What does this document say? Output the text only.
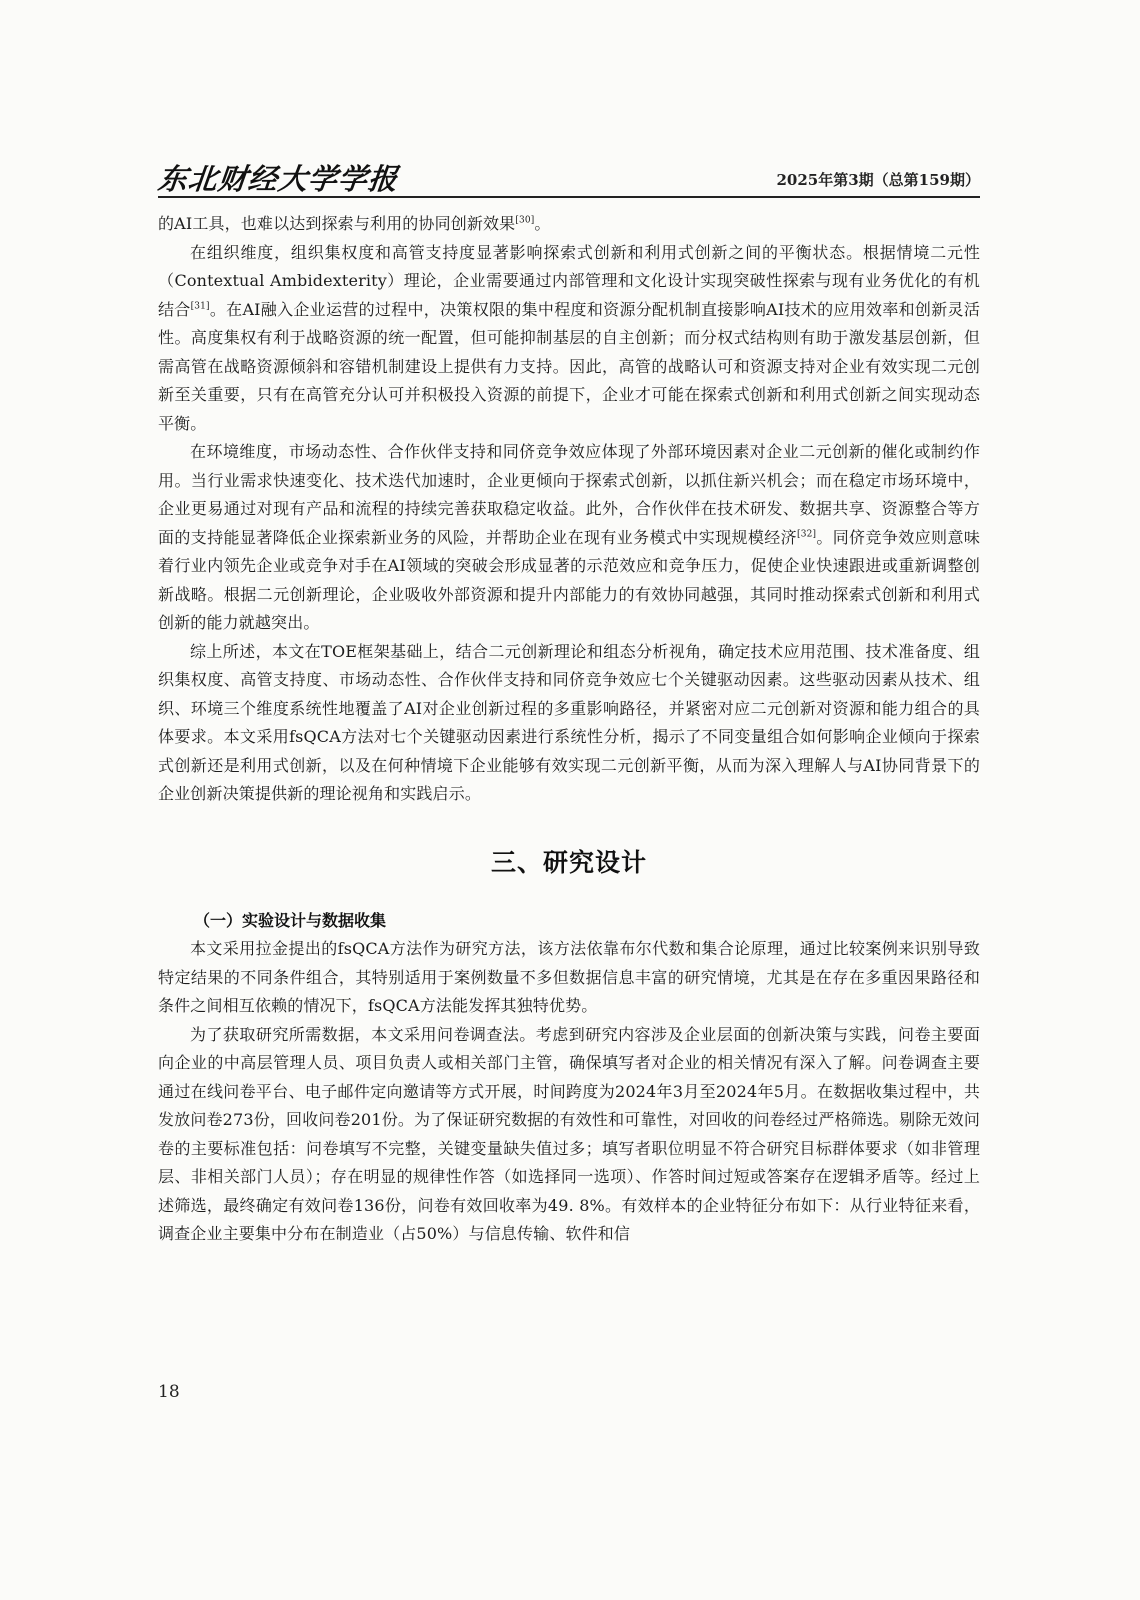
东北财经大学学报	2025年第3期（总第159期）

的AI工具，也难以达到探索与利用的协同创新效果[30]。

在组织维度，组织集权度和高管支持度显著影响探索式创新和利用式创新之间的平衡状态。根据情境二元性（Contextual Ambidexterity）理论，企业需要通过内部管理和文化设计实现突破性探索与现有业务优化的有机结合[31]。在AI融入企业运营的过程中，决策权限的集中程度和资源分配机制直接影响AI技术的应用效率和创新灵活性。高度集权有利于战略资源的统一配置，但可能抑制基层的自主创新；而分权式结构则有助于激发基层创新，但需高管在战略资源倾斜和容错机制建设上提供有力支持。因此，高管的战略认可和资源支持对企业有效实现二元创新至关重要，只有在高管充分认可并积极投入资源的前提下，企业才可能在探索式创新和利用式创新之间实现动态平衡。

在环境维度，市场动态性、合作伙伴支持和同侪竞争效应体现了外部环境因素对企业二元创新的催化或制约作用。当行业需求快速变化、技术迭代加速时，企业更倾向于探索式创新，以抓住新兴机会；而在稳定市场环境中，企业更易通过对现有产品和流程的持续完善获取稳定收益。此外，合作伙伴在技术研发、数据共享、资源整合等方面的支持能显著降低企业探索新业务的风险，并帮助企业在现有业务模式中实现规模经济[32]。同侪竞争效应则意味着行业内领先企业或竞争对手在AI领域的突破会形成显著的示范效应和竞争压力，促使企业快速跟进或重新调整创新战略。根据二元创新理论，企业吸收外部资源和提升内部能力的有效协同越强，其同时推动探索式创新和利用式创新的能力就越突出。

综上所述，本文在TOE框架基础上，结合二元创新理论和组态分析视角，确定技术应用范围、技术准备度、组织集权度、高管支持度、市场动态性、合作伙伴支持和同侪竞争效应七个关键驱动因素。这些驱动因素从技术、组织、环境三个维度系统性地覆盖了AI对企业创新过程的多重影响路径，并紧密对应二元创新对资源和能力组合的具体要求。本文采用fsQCA方法对七个关键驱动因素进行系统性分析，揭示了不同变量组合如何影响企业倾向于探索式创新还是利用式创新，以及在何种情境下企业能够有效实现二元创新平衡，从而为深入理解人与AI协同背景下的企业创新决策提供新的理论视角和实践启示。

三、研究设计
（一）实验设计与数据收集

本文采用拉金提出的fsQCA方法作为研究方法，该方法依靠布尔代数和集合论原理，通过比较案例来识别导致特定结果的不同条件组合，其特别适用于案例数量不多但数据信息丰富的研究情境，尤其是在存在多重因果路径和条件之间相互依赖的情况下，fsQCA方法能发挥其独特优势。

为了获取研究所需数据，本文采用问卷调查法。考虑到研究内容涉及企业层面的创新决策与实践，问卷主要面向企业的中高层管理人员、项目负责人或相关部门主管，确保填写者对企业的相关情况有深入了解。问卷调查主要通过在线问卷平台、电子邮件定向邀请等方式开展，时间跨度为2024年3月至2024年5月。在数据收集过程中，共发放问卷273份，回收问卷201份。为了保证研究数据的有效性和可靠性，对回收的问卷经过严格筛选。剔除无效问卷的主要标准包括：问卷填写不完整，关键变量缺失值过多；填写者职位明显不符合研究目标群体要求（如非管理层、非相关部门人员）；存在明显的规律性作答（如选择同一选项）、作答时间过短或答案存在逻辑矛盾等。经过上述筛选，最终确定有效问卷136份，问卷有效回收率为49. 8%。有效样本的企业特征分布如下：从行业特征来看，调查企业主要集中分布在制造业（占50%）与信息传输、软件和信

18
